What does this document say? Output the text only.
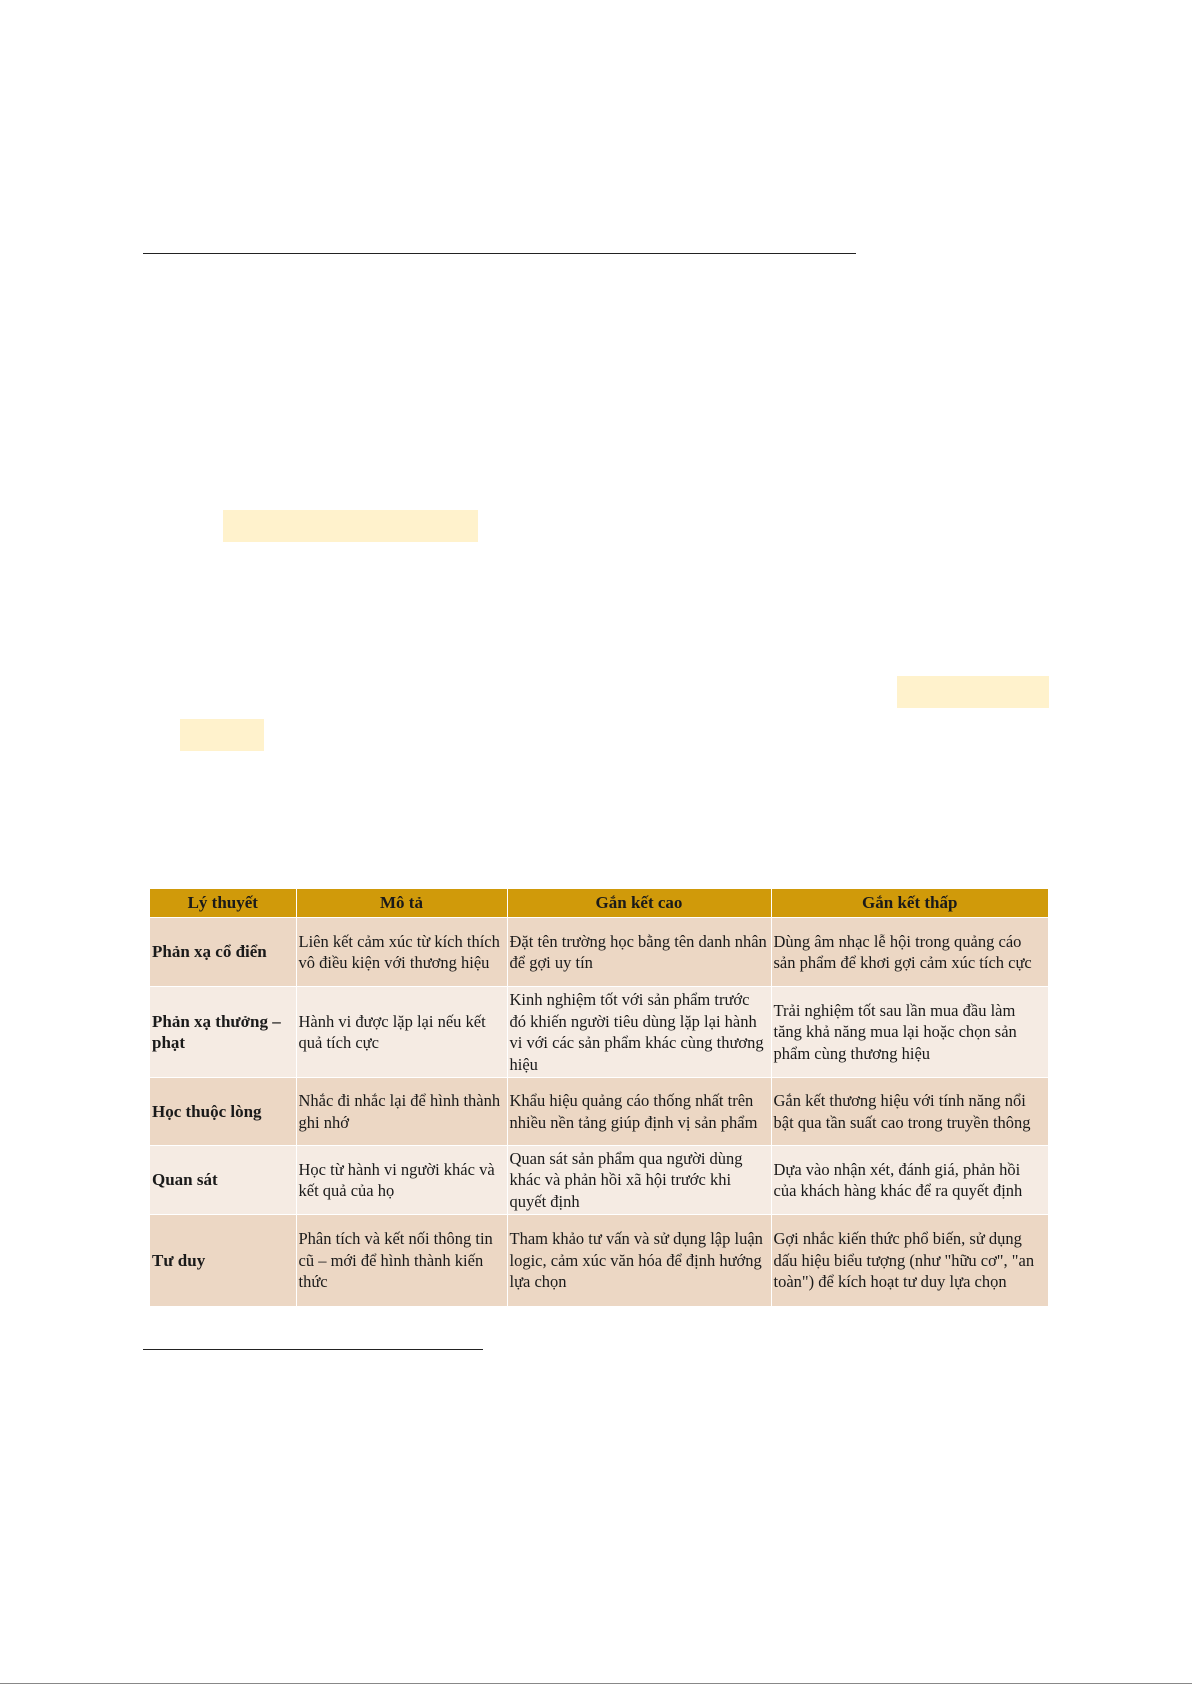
Lý thuyết	Mô tả	Gắn kết cao	Gắn kết thấp
Phản xạ cổ điển	Liên kết cảm xúc từ kích thích vô điều kiện với thương hiệu	Đặt tên trường học bằng tên danh nhân để gợi uy tín	Dùng âm nhạc lễ hội trong quảng cáo sản phẩm để khơi gợi cảm xúc tích cực
Phản xạ thưởng – phạt	Hành vi được lặp lại nếu kết quả tích cực	Kinh nghiệm tốt với sản phẩm trước đó khiến người tiêu dùng lặp lại hành vi với các sản phẩm khác cùng thương hiệu	Trải nghiệm tốt sau lần mua đầu làm tăng khả năng mua lại hoặc chọn sản phẩm cùng thương hiệu
Học thuộc lòng	Nhắc đi nhắc lại để hình thành ghi nhớ	Khẩu hiệu quảng cáo thống nhất trên nhiều nền tảng giúp định vị sản phẩm	Gắn kết thương hiệu với tính năng nổi bật qua tần suất cao trong truyền thông
Quan sát	Học từ hành vi người khác và kết quả của họ	Quan sát sản phẩm qua người dùng khác và phản hồi xã hội trước khi quyết định	Dựa vào nhận xét, đánh giá, phản hồi của khách hàng khác để ra quyết định
Tư duy	Phân tích và kết nối thông tin cũ – mới để hình thành kiến thức	Tham khảo tư vấn và sử dụng lập luận logic, cảm xúc văn hóa để định hướng lựa chọn	Gợi nhắc kiến thức phổ biến, sử dụng dấu hiệu biểu tượng (như "hữu cơ", "an toàn") để kích hoạt tư duy lựa chọn
